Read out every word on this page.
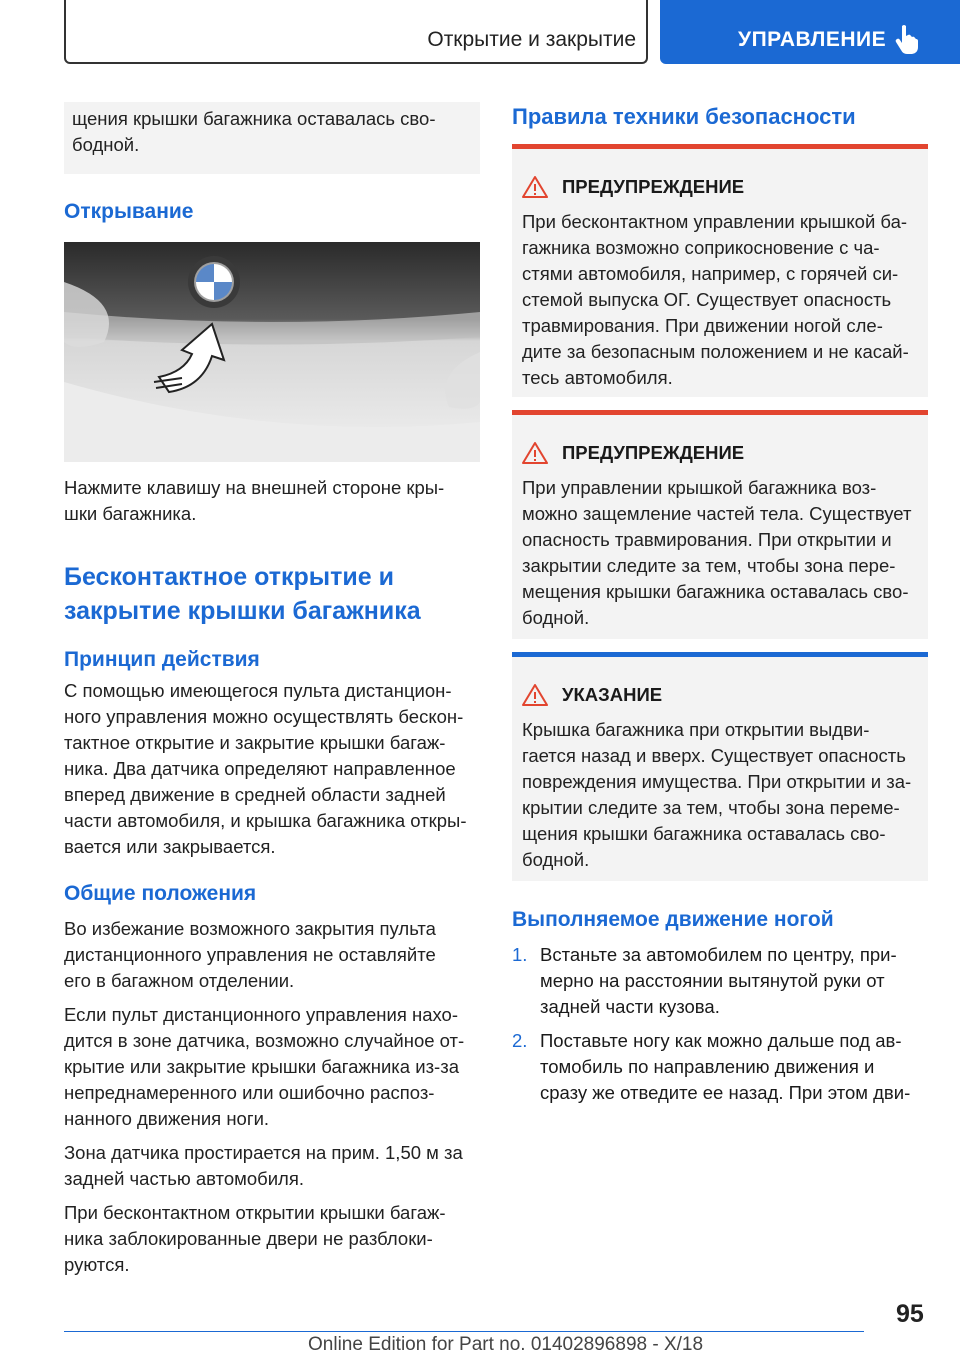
Открытие и закрытие	УПРАВЛЕНИЕ
щения крышки багажника оставалась сво-
бодной.
Открывание
Нажмите клавишу на внешней стороне кры-
шки багажника.
Бесконтактное открытие и
закрытие крышки багажника
Принцип действия
С помощью имеющегося пульта дистанцион-
ного управления можно осуществлять бескон-
тактное открытие и закрытие крышки багаж-
ника. Два датчика определяют направленное
вперед движение в средней области задней
части автомобиля, и крышка багажника откры-
вается или закрывается.
Общие положения

Во избежание возможного закрытия пульта
дистанционного управления не оставляйте
его в багажном отделении.

Если пульт дистанционного управления нахо-
дится в зоне датчика, возможно случайное от-
крытие или закрытие крышки багажника из-за
непреднамеренного или ошибочно распоз-
нанного движения ноги.

Зона датчика простирается на прим. 1,50 м за
задней частью автомобиля.

При бесконтактном открытии крышки багаж-
ника заблокированные двери не разблоки-
руются.

Правила техники безопасности
ПРЕДУПРЕЖДЕНИЕ
При бесконтактном управлении крышкой ба-
гажника возможно соприкосновение с ча-
стями автомобиля, например, с горячей си-
стемой выпуска ОГ. Существует опасность
травмирования. При движении ногой сле-
дите за безопасным положением и не касай-
тесь автомобиля.
ПРЕДУПРЕЖДЕНИЕ
При управлении крышкой багажника воз-
можно защемление частей тела. Существует
опасность травмирования. При открытии и
закрытии следите за тем, чтобы зона пере-
мещения крышки багажника оставалась сво-
бодной.
УКАЗАНИЕ
Крышка багажника при открытии выдви-
гается назад и вверх. Существует опасность
повреждения имущества. При открытии и за-
крытии следите за тем, чтобы зона переме-
щения крышки багажника оставалась сво-
бодной.
Выполняемое движение ногой
1. Встаньте за автомобилем по центру, при-
мерно на расстоянии вытянутой руки от
задней части кузова.
2. Поставьте ногу как можно дальше под ав-
томобиль по направлению движения и
сразу же отведите ее назад. При этом дви-
95
Online Edition for Part no. 01402896898 - X/18
